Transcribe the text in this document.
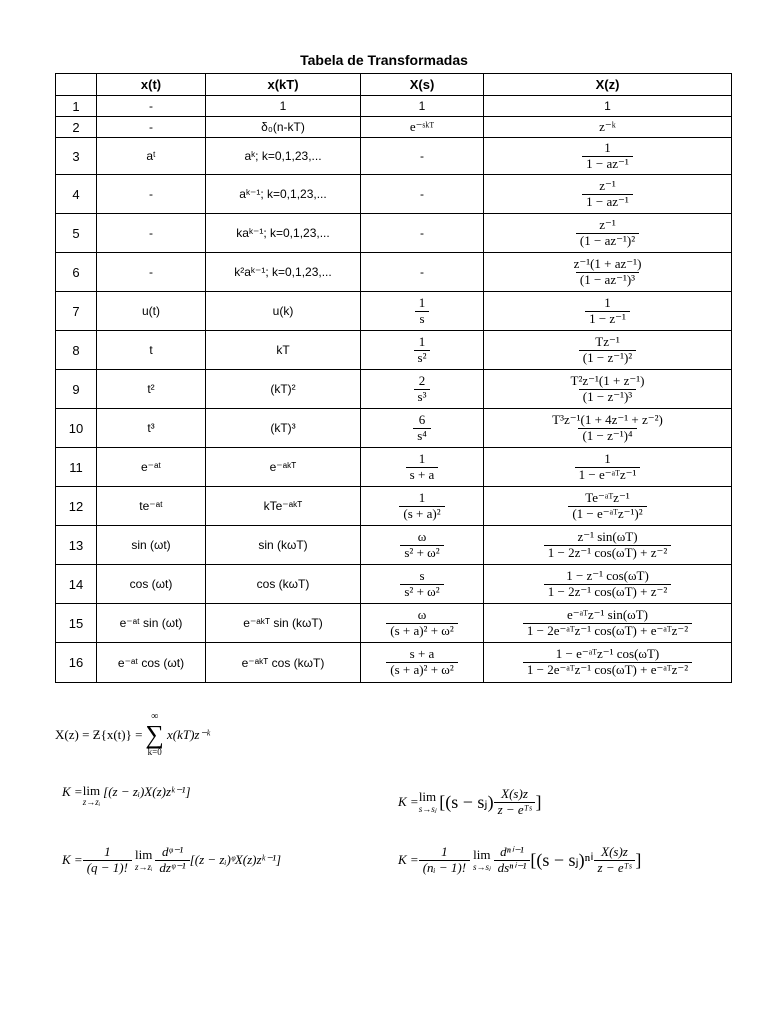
Tabela de Transformadas
	x(t)	x(kT)	X(s)	X(z)
1	-	1	1	1
2	-	δ₀(n-kT)	e⁻ˢᵏᵀ	z⁻ᵏ
3	aᵗ	aᵏ; k=0,1,23,...	-	$\frac{1}{\text{1 − az⁻¹}}$

4	-	aᵏ⁻¹; k=0,1,23,...	-	$\frac{\text{z⁻¹}}{\text{1 − az⁻¹}}$

5	-	kaᵏ⁻¹; k=0,1,23,...	-	$\frac{\text{z⁻¹}}{\text{(1 − az⁻¹)²}}$

6	-	k²aᵏ⁻¹; k=0,1,23,...	-	$\frac{\text{z⁻¹(1 + az⁻¹)}}{\text{(1 − az⁻¹)³}}$

7	u(t)	u(k)	$\frac{1}{s}$	$\frac{1}{\text{1 − z⁻¹}}$

8	t	kT	$\frac{1}{\text{s²}}$	$\frac{\text{Tz⁻¹}}{\text{(1 − z⁻¹)²}}$

9	t²	(kT)²	$\frac{2}{\text{s³}}$	$\frac{\text{T²z⁻¹(1 + z⁻¹)}}{\text{(1 − z⁻¹)³}}$

10	t³	(kT)³	$\frac{6}{\text{s⁴}}$	$\frac{\text{T³z⁻¹(1 + 4z⁻¹ + z⁻²)}}{\text{(1 − z⁻¹)⁴}}$

11	e⁻ᵃᵗ	e⁻ᵃᵏᵀ	$\frac{1}{s + a}$	$\frac{1}{\text{1 − e⁻ᵃᵀz⁻¹}}$

12	te⁻ᵃᵗ	kTe⁻ᵃᵏᵀ	$\frac{1}{\text{(s + a)²}}$	$\frac{\text{Te⁻ᵃᵀz⁻¹}}{\text{(1 − e⁻ᵃᵀz⁻¹)²}}$

13	sin (ωt)	sin (kωT)	$\frac{\omega}{\text{s² + ω²}}$	$\frac{\text{z⁻¹ sin(ωT)}}{\text{1 − 2z⁻¹ cos(ωT) + z⁻²}}$

14	cos (ωt)	cos (kωT)	$\frac{s}{\text{s² + ω²}}$	$\frac{\text{1 − z⁻¹ cos(ωT)}}{\text{1 − 2z⁻¹ cos(ωT) + z⁻²}}$

15	e⁻ᵃᵗ sin (ωt)	e⁻ᵃᵏᵀ sin (kωT)	$\frac{\omega}{\text{(s + a)² + ω²}}$	$\frac{\text{e⁻ᵃᵀz⁻¹ sin(ωT)}}{\text{1 − 2e⁻ᵃᵀz⁻¹ cos(ωT) + e⁻ᵃᵀz⁻²}}$

16	e⁻ᵃᵗ cos (ωt)	e⁻ᵃᵏᵀ cos (kωT)	$\frac{s + a}{\text{(s + a)² + ω²}}$	$\frac{\text{1 − e⁻ᵃᵀz⁻¹ cos(ωT)}}{\text{1 − 2e⁻ᵃᵀz⁻¹ cos(ωT) + e⁻ᵃᵀz⁻²}}$
X(z) = Ƶ{x(t)} =
∞
∑
k=0
x(kT)z⁻ᵏ
K = lim
z→zᵢ
[(z − zᵢ)X(z)zᵏ⁻¹]
K = lim
s→sⱼ [(s − sⱼ) $\frac{X(s)z}{\text{z − eᵀˢ}}$ ]
$K = \frac{1}{(q - 1)!}$ lim
z→zᵢ $\frac{\text{dᵠ⁻¹}}{\text{dzᵠ⁻¹}} [(z$ − zᵢ)ᵠX(z)zᵏ⁻¹]	$K = \frac{1}{\text{(nᵢ − 1)!}}$ lim
s→sⱼ $\frac{\text{dⁿⁱ⁻¹}}{\text{dsⁿⁱ⁻¹}} [(s$ − sⱼ)ⁿⁱ $\frac{X(s)z}{\text{z − eᵀˢ}}$ ]
